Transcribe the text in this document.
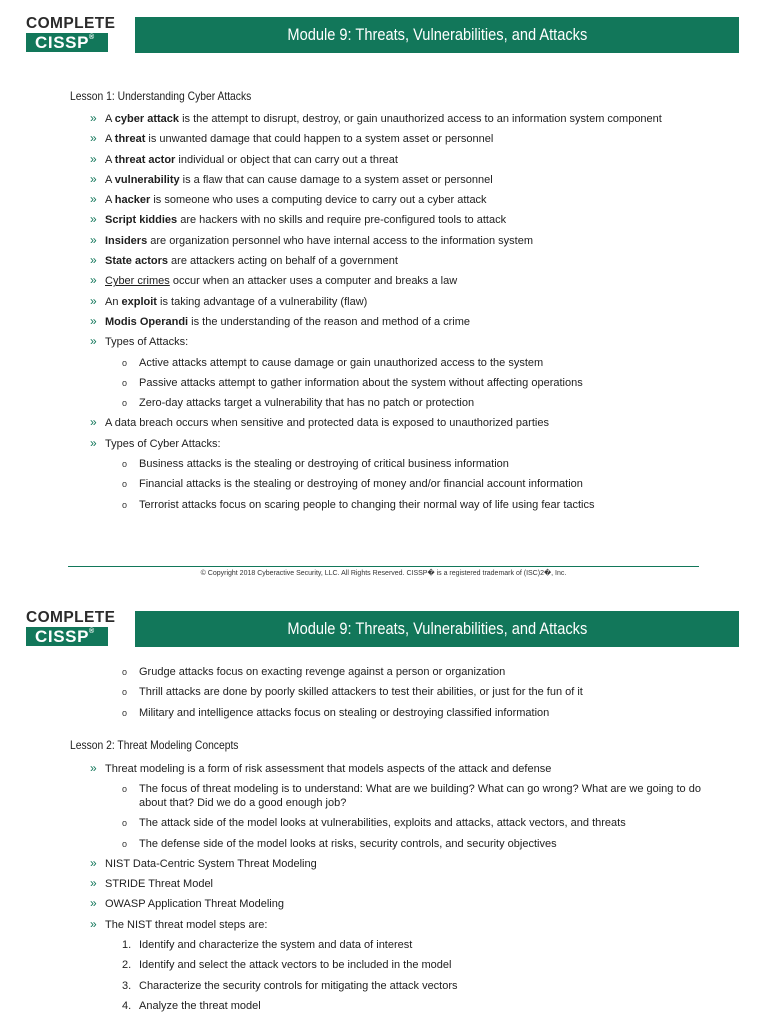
COMPLETE
CISSP®	Module 9: Threats, Vulnerabilities, and Attacks
Lesson 1: Understanding Cyber Attacks
» A cyber attack is the attempt to disrupt, destroy, or gain unauthorized access to an information system component
» A threat is unwanted damage that could happen to a system asset or personnel
» A threat actor individual or object that can carry out a threat
» A vulnerability is a flaw that can cause damage to a system asset or personnel
» A hacker is someone who uses a computing device to carry out a cyber attack
» Script kiddies are hackers with no skills and require pre-configured tools to attack
» Insiders are organization personnel who have internal access to the information system
» State actors are attackers acting on behalf of a government
» Cyber crimes occur when an attacker uses a computer and breaks a law
» An exploit is taking advantage of a vulnerability (flaw)
» Modis Operandi is the understanding of the reason and method of a crime
» Types of Attacks:
o Active attacks attempt to cause damage or gain unauthorized access to the system
o Passive attacks attempt to gather information about the system without affecting operations
o Zero-day attacks target a vulnerability that has no patch or protection
» A data breach occurs when sensitive and protected data is exposed to unauthorized parties
» Types of Cyber Attacks:
o Business attacks is the stealing or destroying of critical business information
o Financial attacks is the stealing or destroying of money and/or financial account information
o Terrorist attacks focus on scaring people to changing their normal way of life using fear tactics
© Copyright 2018 Cyberactive Security, LLC. All Rights Reserved. CISSP� is a registered trademark of (ISC)2�, Inc.
COMPLETE
CISSP®	Module 9: Threats, Vulnerabilities, and Attacks
o Grudge attacks focus on exacting revenge against a person or organization
o Thrill attacks are done by poorly skilled attackers to test their abilities, or just for the fun of it
o Military and intelligence attacks focus on stealing or destroying classified information
Lesson 2: Threat Modeling Concepts
» Threat modeling is a form of risk assessment that models aspects of the attack and defense
o The focus of threat modeling is to understand: What are we building? What can go wrong? What are we going to do about that? Did we do a good enough job?
o The attack side of the model looks at vulnerabilities, exploits and attacks, attack vectors, and threats
o The defense side of the model looks at risks, security controls, and security objectives
» NIST Data-Centric System Threat Modeling
» STRIDE Threat Model
» OWASP Application Threat Modeling
» The NIST threat model steps are:
1. Identify and characterize the system and data of interest
2. Identify and select the attack vectors to be included in the model
3. Characterize the security controls for mitigating the attack vectors
4. Analyze the threat model
